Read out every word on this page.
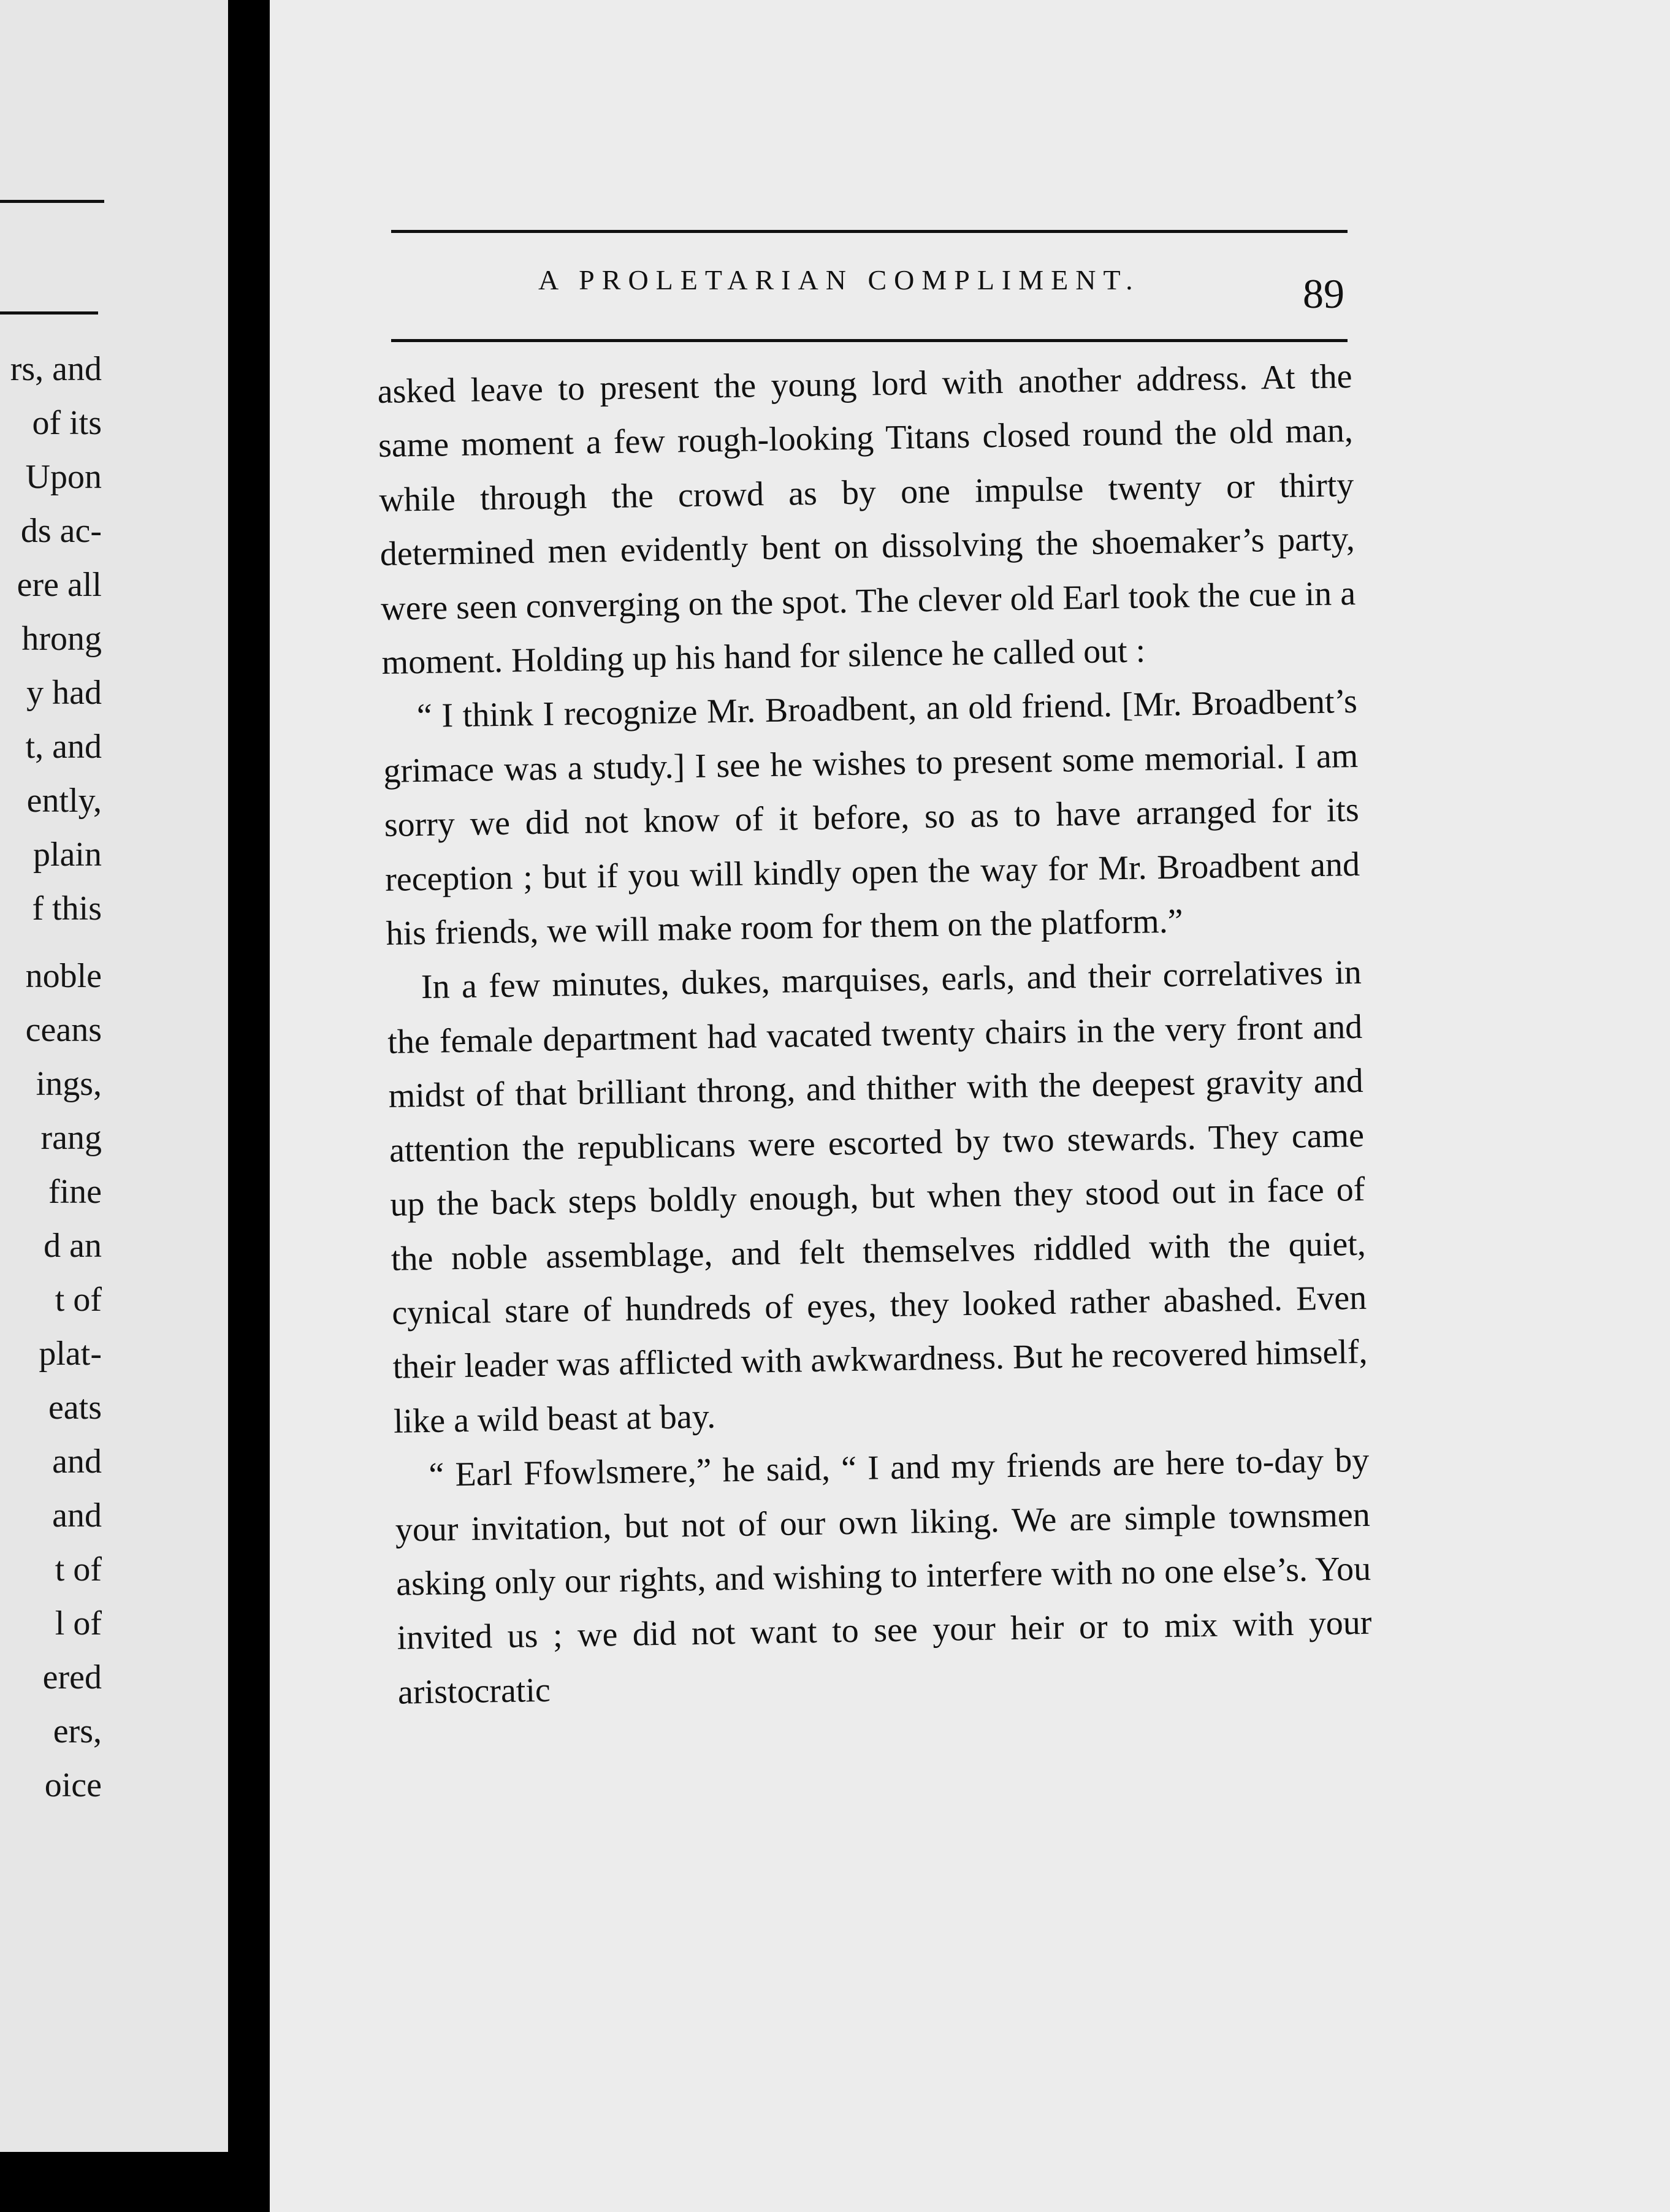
rs, and
of its
Upon
ds ac-
ere all
hrong
y had
t, and
ently,
plain
f this
noble
ceans
ings,
rang
fine
d an
t of
plat-
eats
and
and
t of
l of
ered
ers,
oice
A PROLETARIAN COMPLIMENT.	89

asked leave to present the young lord with another address. At the same moment a few rough-looking Titans closed round the old man, while through the crowd as by one impulse twenty or thirty determined men evidently bent on dissolving the shoemaker’s party, were seen converging on the spot. The clever old Earl took the cue in a moment. Holding up his hand for silence he called out :

“ I think I recognize Mr. Broadbent, an old friend. [Mr. Broadbent’s grimace was a study.] I see he wishes to present some memorial. I am sorry we did not know of it before, so as to have arranged for its reception ; but if you will kindly open the way for Mr. Broadbent and his friends, we will make room for them on the platform.”

In a few minutes, dukes, marquises, earls, and their correlatives in the female department had vacated twenty chairs in the very front and midst of that brilliant throng, and thither with the deepest gravity and attention the republicans were escorted by two stewards. They came up the back steps boldly enough, but when they stood out in face of the noble assemblage, and felt themselves riddled with the quiet, cynical stare of hundreds of eyes, they looked rather abashed. Even their leader was afflicted with awkwardness. But he recovered himself, like a wild beast at bay.

“ Earl Ffowlsmere,” he said, “ I and my friends are here to-day by your invitation, but not of our own liking. We are simple townsmen asking only our rights, and wishing to interfere with no one else’s. You invited us ; we did not want to see your heir or to mix with your aristocratic
